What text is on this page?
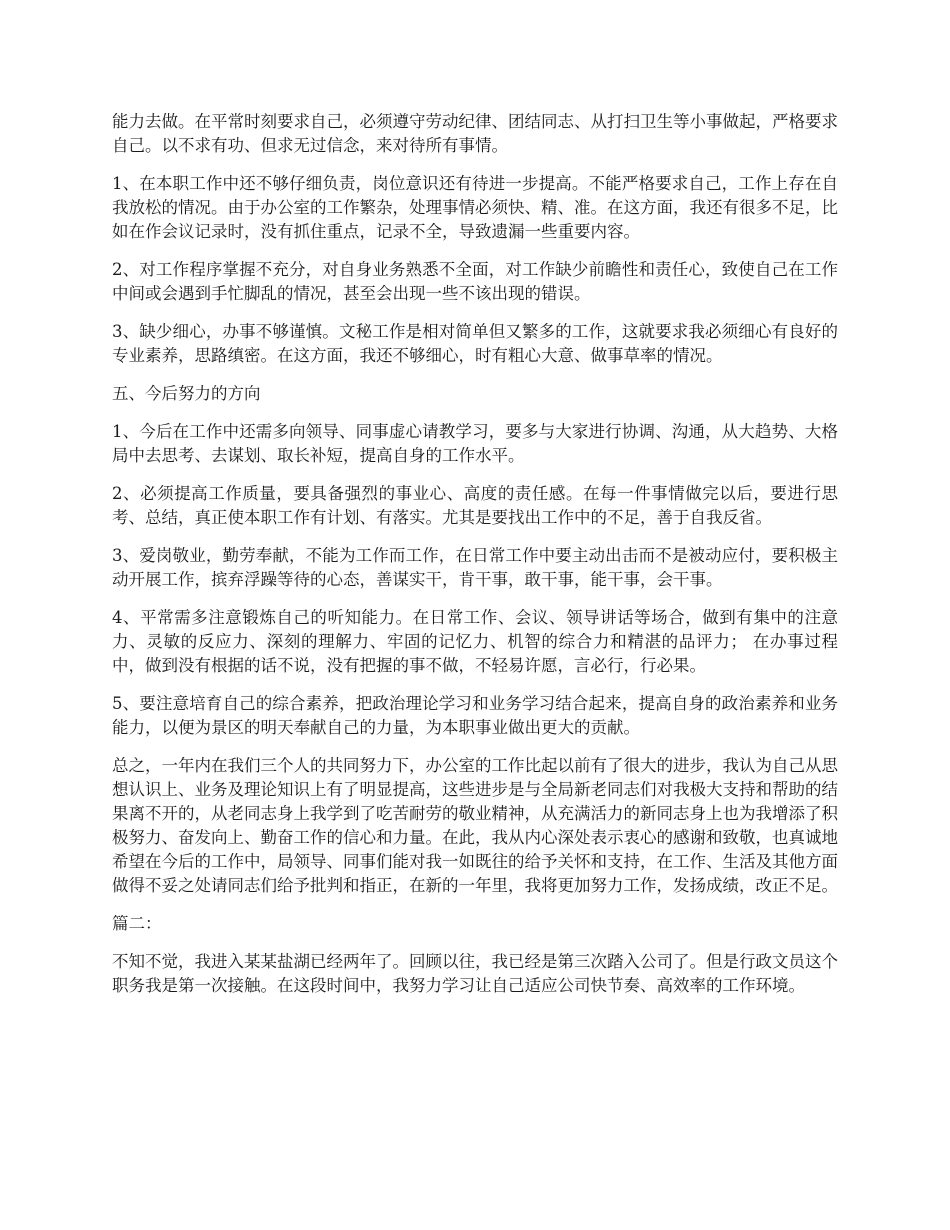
能力去做。在平常时刻要求自己，必须遵守劳动纪律、团结同志、从打扫卫生等小事做起，严格要求自己。以不求有功、但求无过信念，来对待所有事情。

1、在本职工作中还不够仔细负责，岗位意识还有待进一步提高。不能严格要求自己，工作上存在自我放松的情况。由于办公室的工作繁杂，处理事情必须快、精、准。在这方面，我还有很多不足，比如在作会议记录时，没有抓住重点，记录不全，导致遗漏一些重要内容。

2、对工作程序掌握不充分，对自身业务熟悉不全面，对工作缺少前瞻性和责任心，致使自己在工作中间或会遇到手忙脚乱的情况，甚至会出现一些不该出现的错误。

3、缺少细心，办事不够谨慎。文秘工作是相对简单但又繁多的工作，这就要求我必须细心有良好的专业素养，思路缜密。在这方面，我还不够细心，时有粗心大意、做事草率的情况。

五、今后努力的方向

1、今后在工作中还需多向领导、同事虚心请教学习，要多与大家进行协调、沟通，从大趋势、大格局中去思考、去谋划、取长补短，提高自身的工作水平。

2、必须提高工作质量，要具备强烈的事业心、高度的责任感。在每一件事情做完以后，要进行思考、总结，真正使本职工作有计划、有落实。尤其是要找出工作中的不足，善于自我反省。

3、爱岗敬业，勤劳奉献，不能为工作而工作，在日常工作中要主动出击而不是被动应付，要积极主动开展工作，摈弃浮躁等待的心态，善谋实干，肯干事，敢干事，能干事，会干事。

4、平常需多注意锻炼自己的听知能力。在日常工作、会议、领导讲话等场合，做到有集中的注意力、灵敏的反应力、深刻的理解力、牢固的记忆力、机智的综合力和精湛的品评力； 在办事过程中，做到没有根据的话不说，没有把握的事不做，不轻易许愿，言必行，行必果。

5、要注意培育自己的综合素养，把政治理论学习和业务学习结合起来，提高自身的政治素养和业务能力，以便为景区的明天奉献自己的力量，为本职事业做出更大的贡献。

总之，一年内在我们三个人的共同努力下，办公室的工作比起以前有了很大的进步，我认为自己从思想认识上、业务及理论知识上有了明显提高，这些进步是与全局新老同志们对我极大支持和帮助的结果离不开的，从老同志身上我学到了吃苦耐劳的敬业精神，从充满活力的新同志身上也为我增添了积极努力、奋发向上、勤奋工作的信心和力量。在此，我从内心深处表示衷心的感谢和致敬，也真诚地希望在今后的工作中，局领导、同事们能对我一如既往的给予关怀和支持，在工作、生活及其他方面做得不妥之处请同志们给予批判和指正，在新的一年里，我将更加努力工作，发扬成绩，改正不足。

篇二：

不知不觉，我进入某某盐湖已经两年了。回顾以往，我已经是第三次踏入公司了。但是行政文员这个职务我是第一次接触。在这段时间中，我努力学习让自己适应公司快节奏、高效率的工作环境。
